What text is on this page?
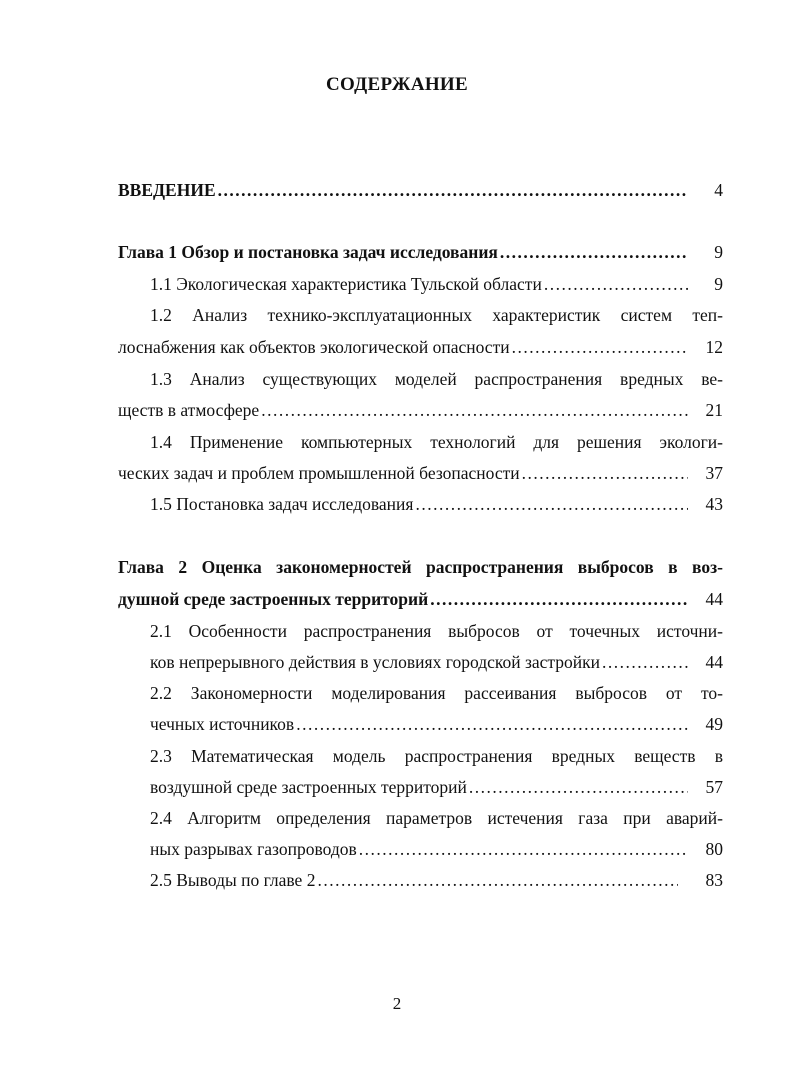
СОДЕРЖАНИЕ
ВВЕДЕНИЕ .....	4
Глава 1 Обзор и постановка задач исследования .....	9
1.1 Экологическая характеристика Тульской области .....	9
1.2 Анализ технико-эксплуатационных характеристик систем теп-
лоснабжения как объектов экологической опасности .....	12
1.3 Анализ существующих моделей распространения вредных ве-
ществ в атмосфере .....	21
1.4 Применение компьютерных технологий для решения экологи-
ческих задач и проблем промышленной безопасности .....	37
1.5 Постановка задач исследования .....	43
Глава 2 Оценка закономерностей распространения выбросов в воз-
душной среде застроенных территорий .....	44
2.1 Особенности распространения выбросов от точечных источни-
ков непрерывного действия в условиях городской застройки .....	44
2.2 Закономерности моделирования рассеивания выбросов от то-
чечных источников .....	49
2.3 Математическая модель распространения вредных веществ в
воздушной среде застроенных территорий .....	57
2.4 Алгоритм определения параметров истечения газа при аварий-
ных разрывах газопроводов .....	80
2.5 Выводы по главе 2 .....	83
2
